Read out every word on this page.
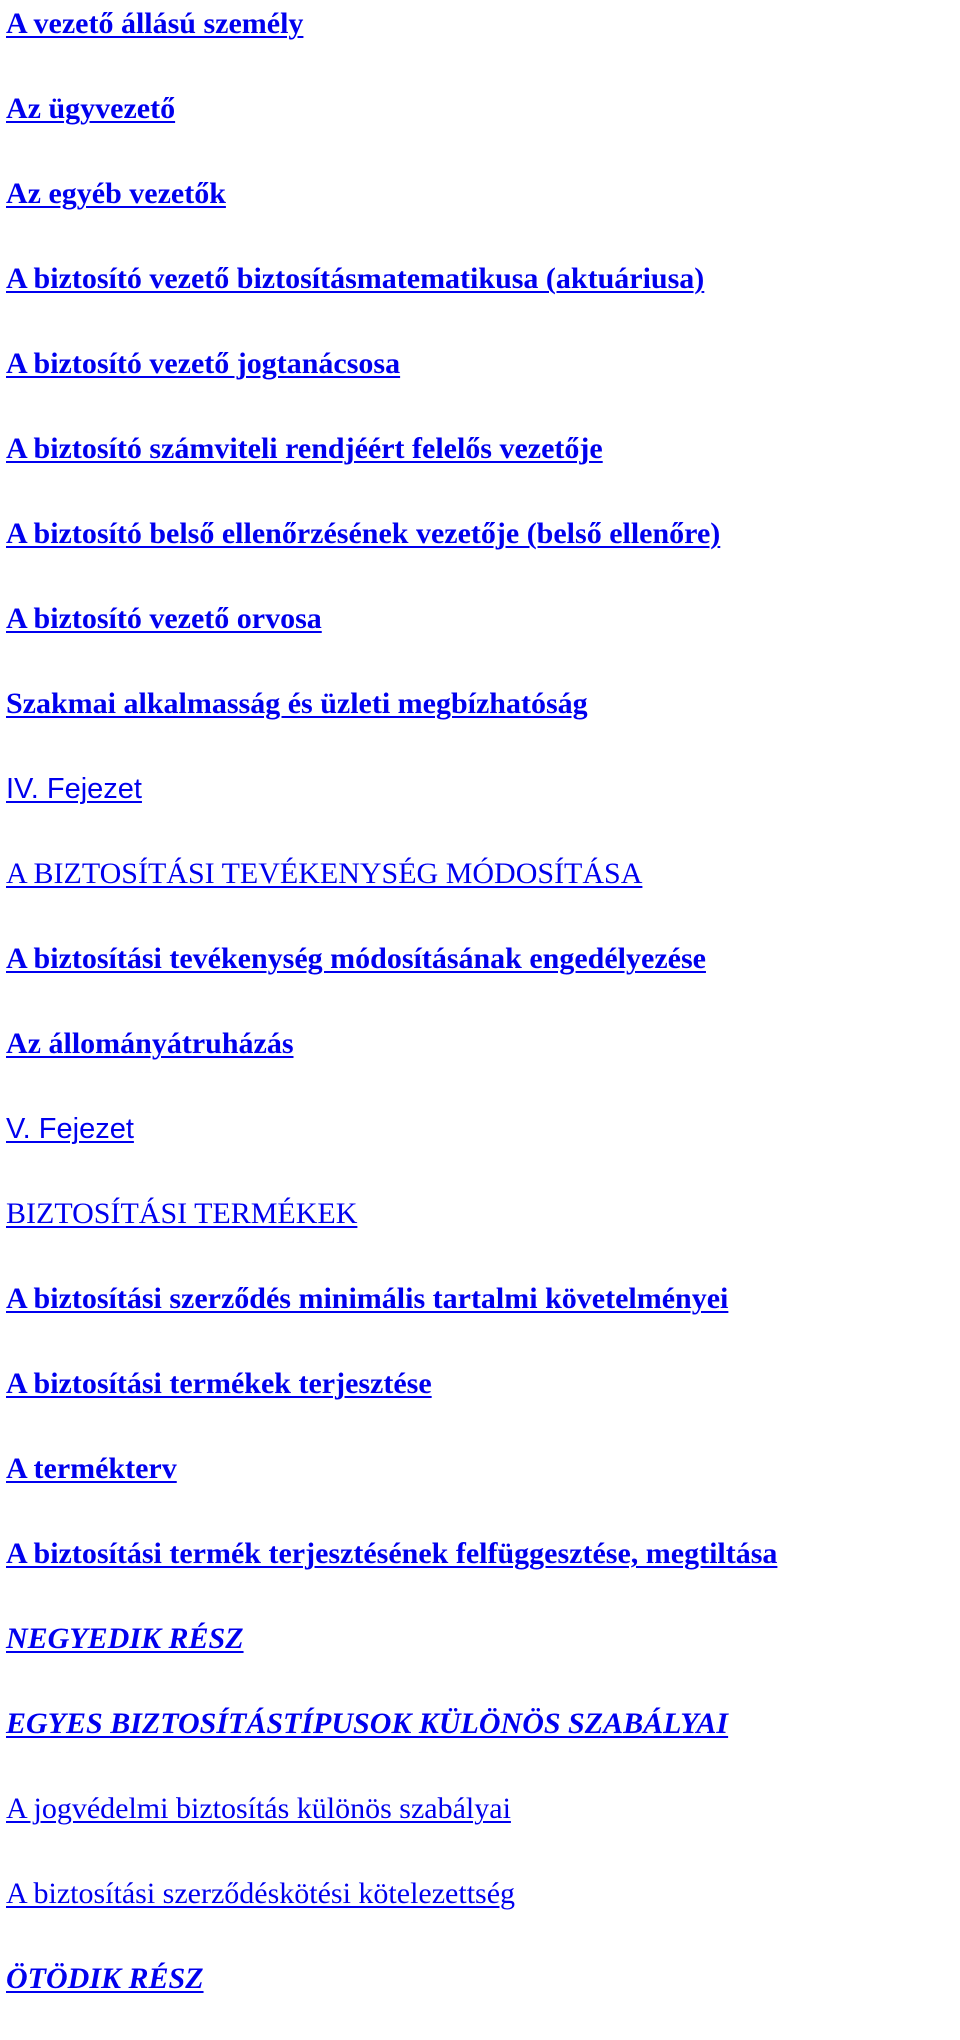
A vezető állású személy
Az ügyvezető
Az egyéb vezetők
A biztosító vezető biztosításmatematikusa (aktuáriusa)
A biztosító vezető jogtanácsosa
A biztosító számviteli rendjéért felelős vezetője
A biztosító belső ellenőrzésének vezetője (belső ellenőre)
A biztosító vezető orvosa
Szakmai alkalmasság és üzleti megbízhatóság
IV. Fejezet
A BIZTOSÍTÁSI TEVÉKENYSÉG MÓDOSÍTÁSA
A biztosítási tevékenység módosításának engedélyezése
Az állományátruházás
V. Fejezet
BIZTOSÍTÁSI TERMÉKEK
A biztosítási szerződés minimális tartalmi követelményei
A biztosítási termékek terjesztése
A termékterv
A biztosítási termék terjesztésének felfüggesztése, megtiltása
NEGYEDIK RÉSZ
EGYES BIZTOSÍTÁSTÍPUSOK KÜLÖNÖS SZABÁLYAI
A jogvédelmi biztosítás különös szabályai
A biztosítási szerződéskötési kötelezettség
ÖTÖDIK RÉSZ
